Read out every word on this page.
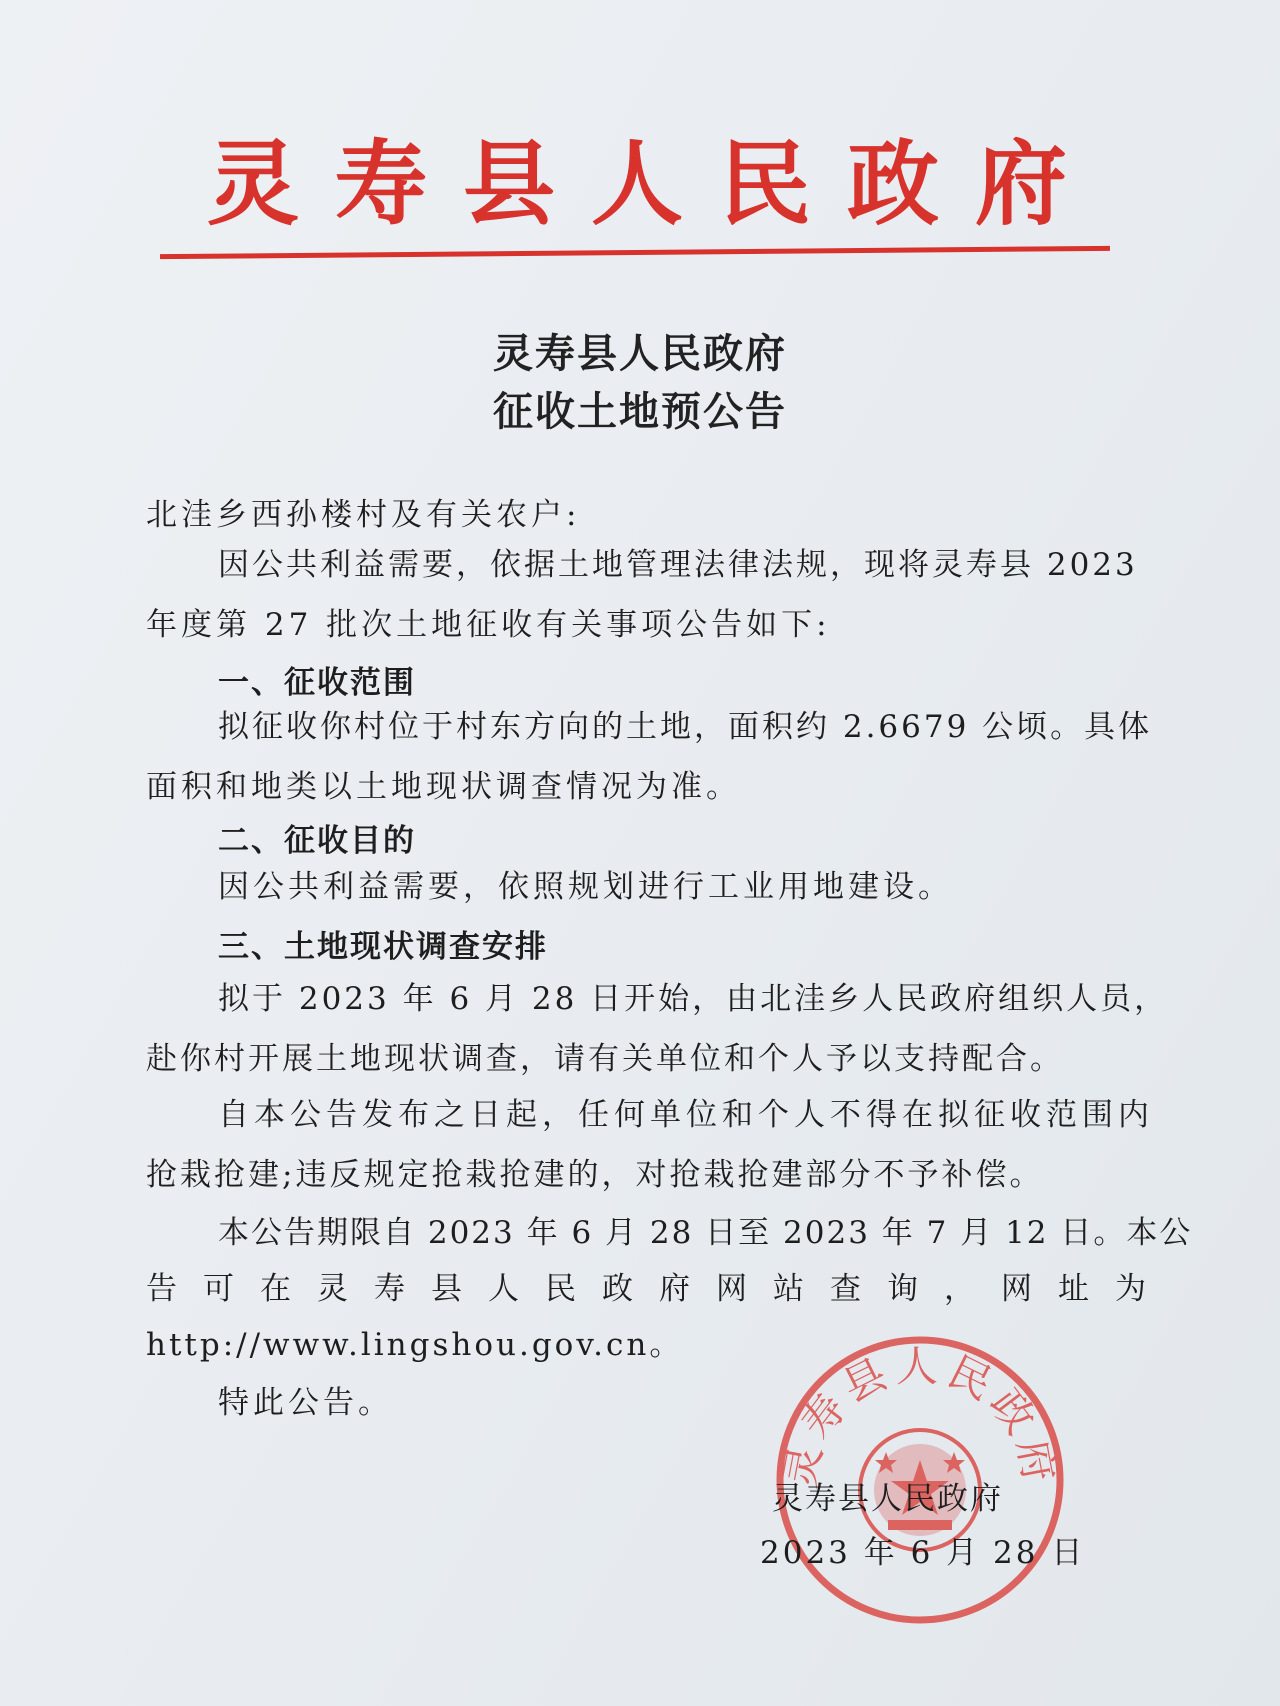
灵寿县人民政府
灵寿县人民政府
征收土地预公告
北洼乡西孙楼村及有关农户:
因公共利益需要，依据土地管理法律法规，现将灵寿县 2023
年度第 27 批次土地征收有关事项公告如下:
一、征收范围
拟征收你村位于村东方向的土地，面积约 2.6679 公顷。具体
面积和地类以土地现状调查情况为准。
二、征收目的
因公共利益需要，依照规划进行工业用地建设。
三、土地现状调查安排
拟于 2023 年 6 月 28 日开始，由北洼乡人民政府组织人员，
赴你村开展土地现状调查，请有关单位和个人予以支持配合。
自本公告发布之日起，任何单位和个人不得在拟征收范围内
抢栽抢建;违反规定抢栽抢建的，对抢栽抢建部分不予补偿。
本公告期限自 2023 年 6 月 28 日至 2023 年 7 月 12 日。本公
告可在灵寿县人民政府网站查询，网址为
http://www.lingshou.gov.cn。
特此公告。
灵寿县人民政府
灵寿县人民政府
2023 年 6 月 28 日
